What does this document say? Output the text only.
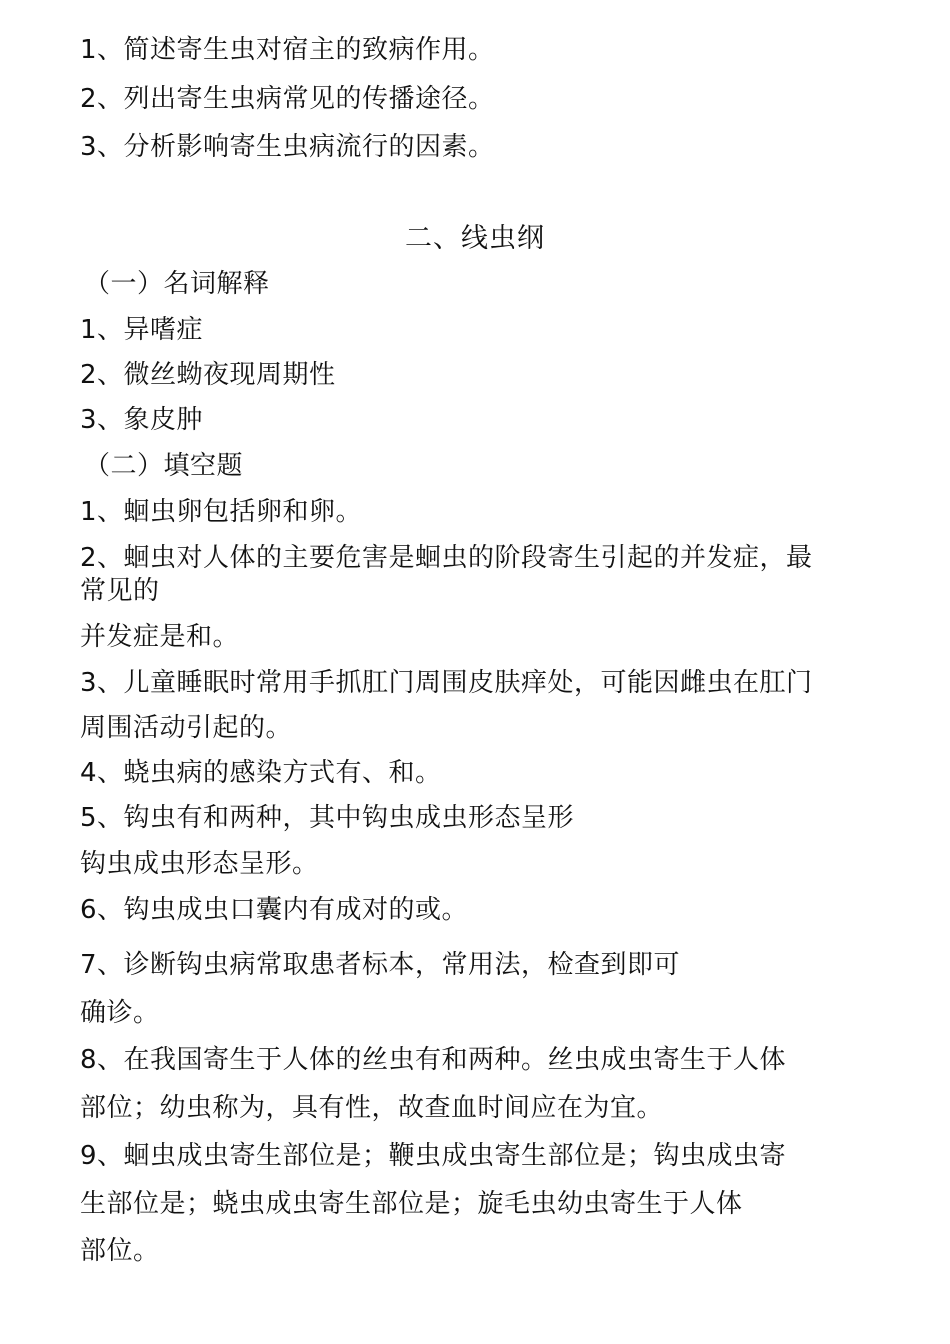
1、简述寄生虫对宿主的致病作用。
2、列出寄生虫病常见的传播途径。
3、分析影响寄生虫病流行的因素。
二、线虫纲
（一）名词解释
1、异嗜症
2、微丝蚴夜现周期性
3、象皮肿
（二）填空题
1、蛔虫卵包括卵和卵。
2、蛔虫对人体的主要危害是蛔虫的阶段寄生引起的并发症，最
常见的
并发症是和。
3、儿童睡眠时常用手抓肛门周围皮肤痒处，可能因雌虫在肛门
周围活动引起的。
4、蛲虫病的感染方式有、和。
5、钩虫有和两种，其中钩虫成虫形态呈形
钩虫成虫形态呈形。
6、钩虫成虫口囊内有成对的或。
7、诊断钩虫病常取患者标本，常用法，检查到即可
确诊。
8、在我国寄生于人体的丝虫有和两种。丝虫成虫寄生于人体
部位；幼虫称为，具有性，故查血时间应在为宜。
9、蛔虫成虫寄生部位是；鞭虫成虫寄生部位是；钩虫成虫寄
生部位是；蛲虫成虫寄生部位是；旋毛虫幼虫寄生于人体
部位。
